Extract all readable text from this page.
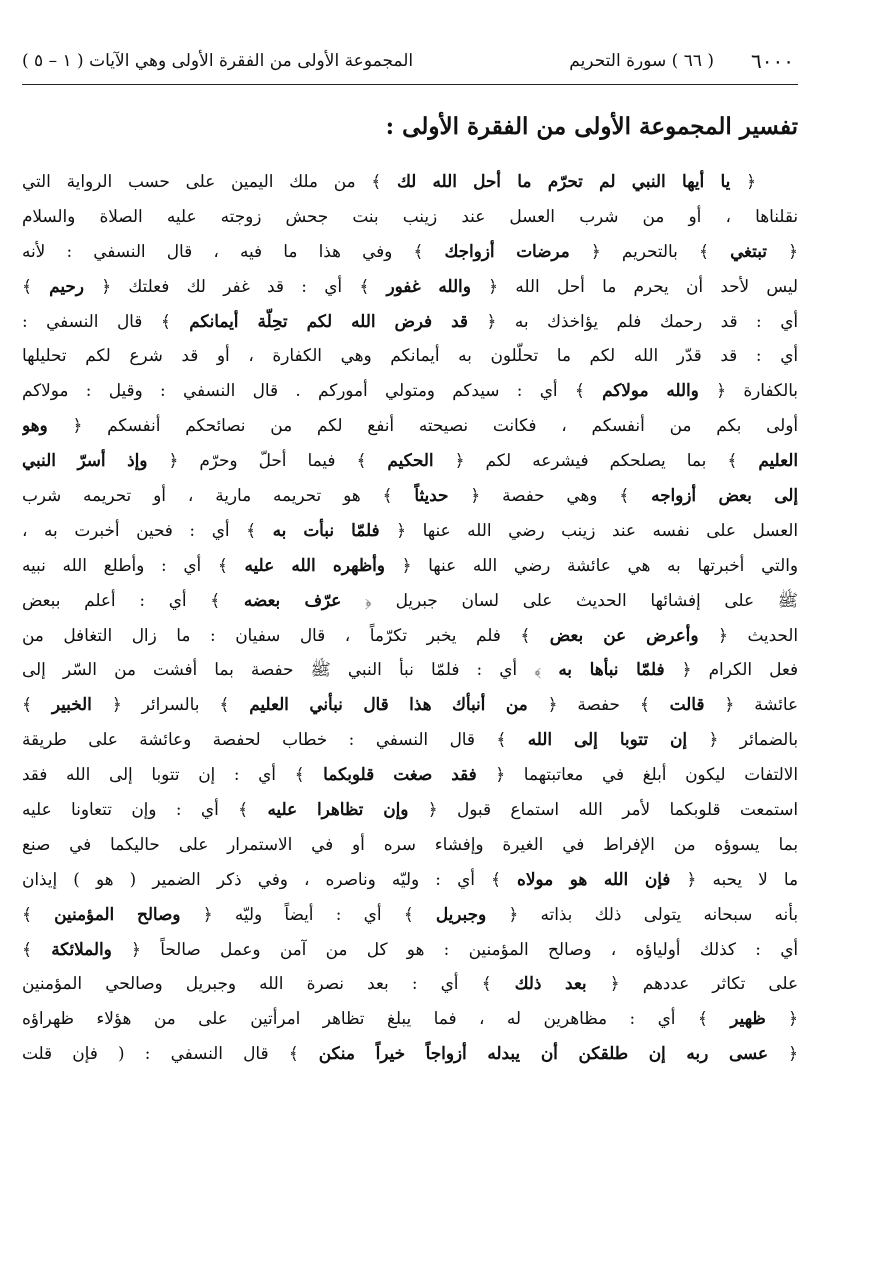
٦٠٠٠
( ٦٦ ) سورة التحريم
المجموعة الأولى من الفقرة الأولى وهي الآيات ( ١ – ٥ )
تفسير المجموعة الأولى من الفقرة الأولى :
﴿ يا أيها النبي لم تحرّم ما أحل الله لك ﴾ من ملك اليمين على حسب الرواية التي
نقلناها ، أو من شرب العسل عند زينب بنت جحش زوجته عليه الصلاة والسلام
﴿ تبتغي ﴾ بالتحريم ﴿ مرضات أزواجك ﴾ وفي هذا ما فيه ، قال النسفي : لأنه
ليس لأحد أن يحرم ما أحل الله ﴿ والله غفور ﴾ أي : قد غفر لك فعلتك ﴿ رحيم ﴾
أي : قد رحمك فلم يؤاخذك به ﴿ قد فرض الله لكم تحِلّة أيمانكم ﴾ قال النسفي :
أي : قد قدّر الله لكم ما تحلّلون به أيمانكم وهي الكفارة ، أو قد شرع لكم تحليلها
بالكفارة ﴿ والله مولاكم ﴾ أي : سيدكم ومتولي أموركم . قال النسفي : وقيل : مولاكم
أولى بكم من أنفسكم ، فكانت نصيحته أنفع لكم من نصائحكم أنفسكم ﴿ وهو
العليم ﴾ بما يصلحكم فيشرعه لكم ﴿ الحكيم ﴾ فيما أحلّ وحرّم ﴿ وإذ أسرّ النبي
إلى بعض أزواجه ﴾ وهي حفصة ﴿ حديثاً ﴾ هو تحريمه مارية ، أو تحريمه شرب
العسل على نفسه عند زينب رضي الله عنها ﴿ فلمّا نبأت به ﴾ أي : فحين أخبرت به ،
والتي أخبرتها به هي عائشة رضي الله عنها ﴿ وأظهره الله عليه ﴾ أي : وأطلع الله نبيه
ﷺ على إفشائها الحديث على لسان جبريل ﴿ عرّف بعضه ﴾ أي : أعلم ببعض
الحديث ﴿ وأعرض عن بعض ﴾ فلم يخبر تكرّماً ، قال سفيان : ما زال التغافل من
فعل الكرام ﴿ فلمّا نبأها به ﴾ أي : فلمّا نبأ النبي ﷺ حفصة بما أفشت من السّر إلى
عائشة ﴿ قالت ﴾ حفصة ﴿ من أنبأك هذا قال نبأني العليم ﴾ بالسرائر ﴿ الخبير ﴾
بالضمائر ﴿ إن تتوبا إلى الله ﴾ قال النسفي : خطاب لحفصة وعائشة على طريقة
الالتفات ليكون أبلغ في معاتبتهما ﴿ فقد صغت قلوبكما ﴾ أي : إن تتوبا إلى الله فقد
استمعت قلوبكما لأمر الله استماع قبول ﴿ وإن تظاهرا عليه ﴾ أي : وإن تتعاونا عليه
بما يسوؤه من الإفراط في الغيرة وإفشاء سره أو في الاستمرار على حاليكما في صنع
ما لا يحبه ﴿ فإن الله هو مولاه ﴾ أي : وليّه وناصره ، وفي ذكر الضمير ( هو ) إيذان
بأنه سبحانه يتولى ذلك بذاته ﴿ وجبريل ﴾ أي : أيضاً وليّه ﴿ وصالح المؤمنين ﴾
أي : كذلك أولياؤه ، وصالح المؤمنين : هو كل من آمن وعمل صالحاً ﴿ والملائكة ﴾
على تكاثر عددهم ﴿ بعد ذلك ﴾ أي : بعد نصرة الله وجبريل وصالحي المؤمنين
﴿ ظهير ﴾ أي : مظاهرين له ، فما يبلغ تظاهر امرأتين على من هؤلاء ظهراؤه
﴿ عسى ربه إن طلقكن أن يبدله أزواجاً خيراً منكن ﴾ قال النسفي : ( فإن قلت
